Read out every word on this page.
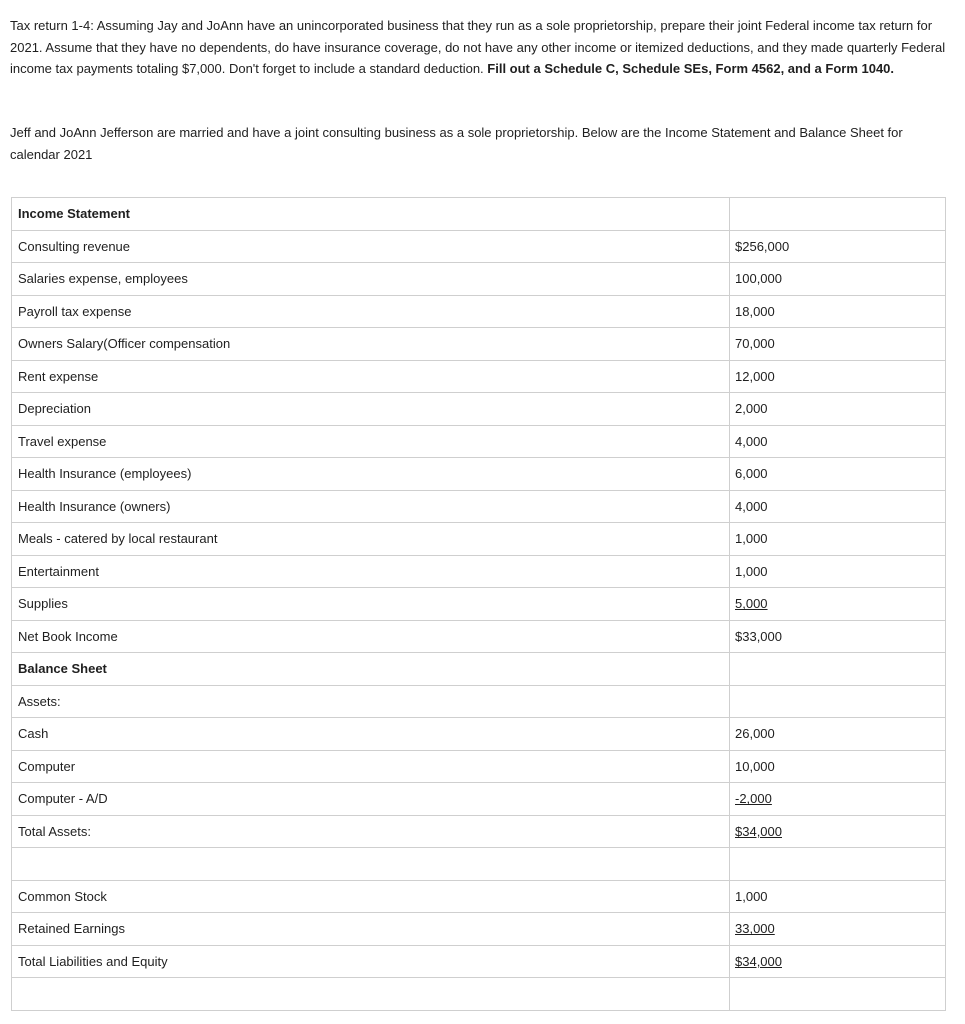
Tax return 1-4: Assuming Jay and JoAnn have an unincorporated business that they run as a sole proprietorship, prepare their joint Federal income tax return for 2021. Assume that they have no dependents, do have insurance coverage, do not have any other income or itemized deductions, and they made quarterly Federal income tax payments totaling $7,000. Don't forget to include a standard deduction. Fill out a Schedule C, Schedule SEs, Form 4562, and a Form 1040.

Jeff and JoAnn Jefferson are married and have a joint consulting business as a sole proprietorship. Below are the Income Statement and Balance Sheet for calendar 2021

Income Statement	
Consulting revenue	$256,000
Salaries expense, employees	100,000
Payroll tax expense	18,000
Owners Salary(Officer compensation	70,000
Rent expense	12,000
Depreciation	2,000
Travel expense	4,000
Health Insurance (employees)	6,000
Health Insurance (owners)	4,000
Meals - catered by local restaurant	1,000
Entertainment	1,000
Supplies	5,000
Net Book Income	$33,000
Balance Sheet	
Assets:	
Cash	26,000
Computer	10,000
Computer - A/D	-2,000
Total Assets:	$34,000

Common Stock	1,000
Retained Earnings	33,000
Total Liabilities and Equity	$34,000
